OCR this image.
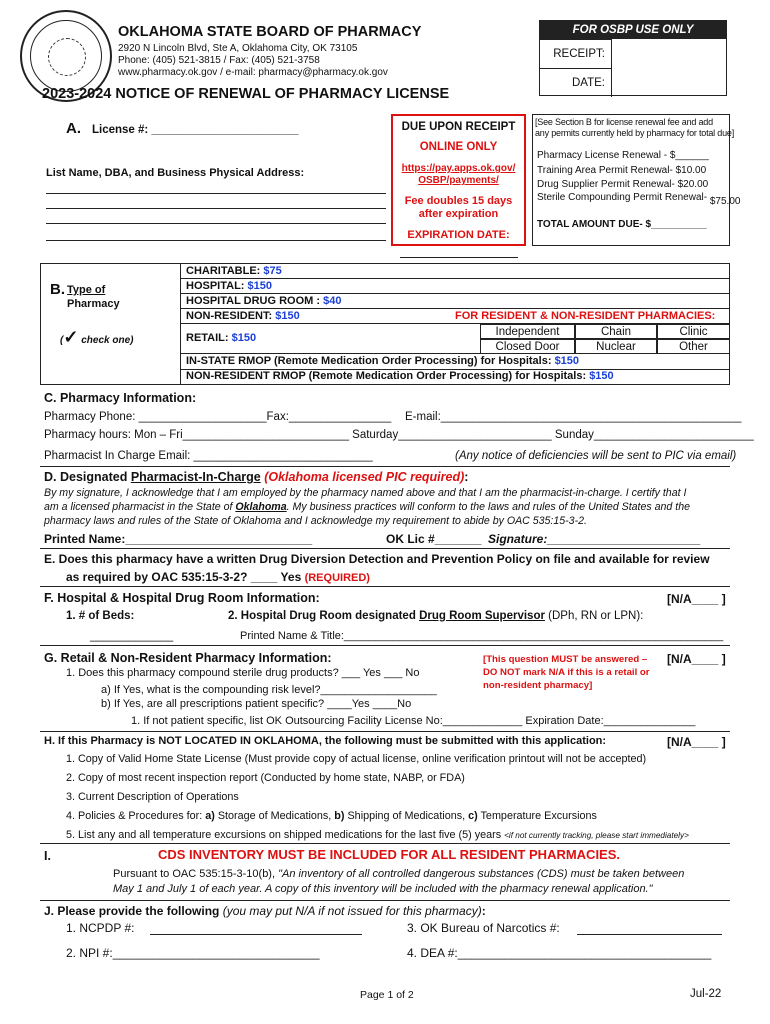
OKLAHOMA STATE BOARD OF PHARMACY
2920 N Lincoln Blvd, Ste A, Oklahoma City, OK 73105
Phone: (405) 521-3815 / Fax: (405) 521-3758
www.pharmacy.ok.gov / e-mail: pharmacy@pharmacy.ok.gov
FOR OSBP USE ONLY
RECEIPT:
DATE:
2023-2024 NOTICE OF RENEWAL OF PHARMACY LICENSE
A. License #: _______________________
List Name, DBA, and Business Physical Address:
DUE UPON RECEIPT
ONLINE ONLY
https://pay.apps.ok.gov/
OSBP/payments/
Fee doubles 15 days
after expiration
EXPIRATION DATE:
[See Section B for license renewal fee and add
any permits currently held by pharmacy for total due]
Pharmacy License Renewal - $______
Training Area Permit Renewal- $10.00
Drug Supplier Permit Renewal- $20.00
Sterile Compounding Permit Renewal- $75.00
TOTAL AMOUNT DUE- $__________
B. Type of
Pharmacy
(✓ check one)
CHARITABLE: $75
HOSPITAL: $150
HOSPITAL DRUG ROOM : $40
NON-RESIDENT: $150	FOR RESIDENT & NON-RESIDENT PHARMACIES:
RETAIL: $150	Independent	Chain	Clinic
Closed Door	Nuclear	Other
IN-STATE RMOP (Remote Medication Order Processing) for Hospitals: $150
NON-RESIDENT RMOP (Remote Medication Order Processing) for Hospitals: $150
C. Pharmacy Information:
Pharmacy Phone: ____________________Fax:________________ E-mail:_______________________________________________
Pharmacy hours: Mon – Fri__________________________ Saturday________________________ Sunday_________________________
Pharmacist In Charge Email: ____________________________	(Any notice of deficiencies will be sent to PIC via email)
D. Designated Pharmacist-In-Charge (Oklahoma licensed PIC required):
By my signature, I acknowledge that I am employed by the pharmacy named above and that I am the pharmacist-in-charge. I certify that I
am a licensed pharmacist in the State of Oklahoma. My business practices will conform to the laws and rules of the United States and the
pharmacy laws and rules of the State of Oklahoma and I acknowledge my requirement to abide by OAC 535:15-3-2.
Printed Name:____________________________	OK Lic #_______ Signature:_______________________
E. Does this pharmacy have a written Drug Diversion Detection and Prevention Policy on file and available for review
as required by OAC 535:15-3-2? ____ Yes (REQUIRED)
F. Hospital & Hospital Drug Room Information:	[N/A____ ]
1. # of Beds:	2. Hospital Drug Room designated Drug Room Supervisor (DPh, RN or LPN):
_____________	Printed Name & Title:______________________________________________________________
G. Retail & Non-Resident Pharmacy Information:	[N/A____ ]
1. Does this pharmacy compound sterile drug products? ___ Yes ___ No
a) If Yes, what is the compounding risk level?___________________
b) If Yes, are all prescriptions patient specific? ____Yes ____No
1. If not patient specific, list OK Outsourcing Facility License No:_____________ Expiration Date:_______________
[This question MUST be answered –
DO NOT mark N/A if this is a retail or
non-resident pharmacy]
H. If this Pharmacy is NOT LOCATED IN OKLAHOMA, the following must be submitted with this application:	[N/A____ ]
1. Copy of Valid Home State License (Must provide copy of actual license, online verification printout will not be accepted)
2. Copy of most recent inspection report (Conducted by home state, NABP, or FDA)
3. Current Description of Operations
4. Policies & Procedures for: a) Storage of Medications, b) Shipping of Medications, c) Temperature Excursions
5. List any and all temperature excursions on shipped medications for the last five (5) years <if not currently tracking, please start immediately>
I.	CDS INVENTORY MUST BE INCLUDED FOR ALL RESIDENT PHARMACIES.
Pursuant to OAC 535:15-3-10(b), "An inventory of all controlled dangerous substances (CDS) must be taken between
May 1 and July 1 of each year. A copy of this inventory will be included with the pharmacy renewal application."
J. Please provide the following (you may put N/A if not issued for this pharmacy):
1. NCPDP #:	3. OK Bureau of Narcotics #:
2. NPI #:_______________________________	4. DEA #:______________________________________
Page 1 of 2	Jul-22
